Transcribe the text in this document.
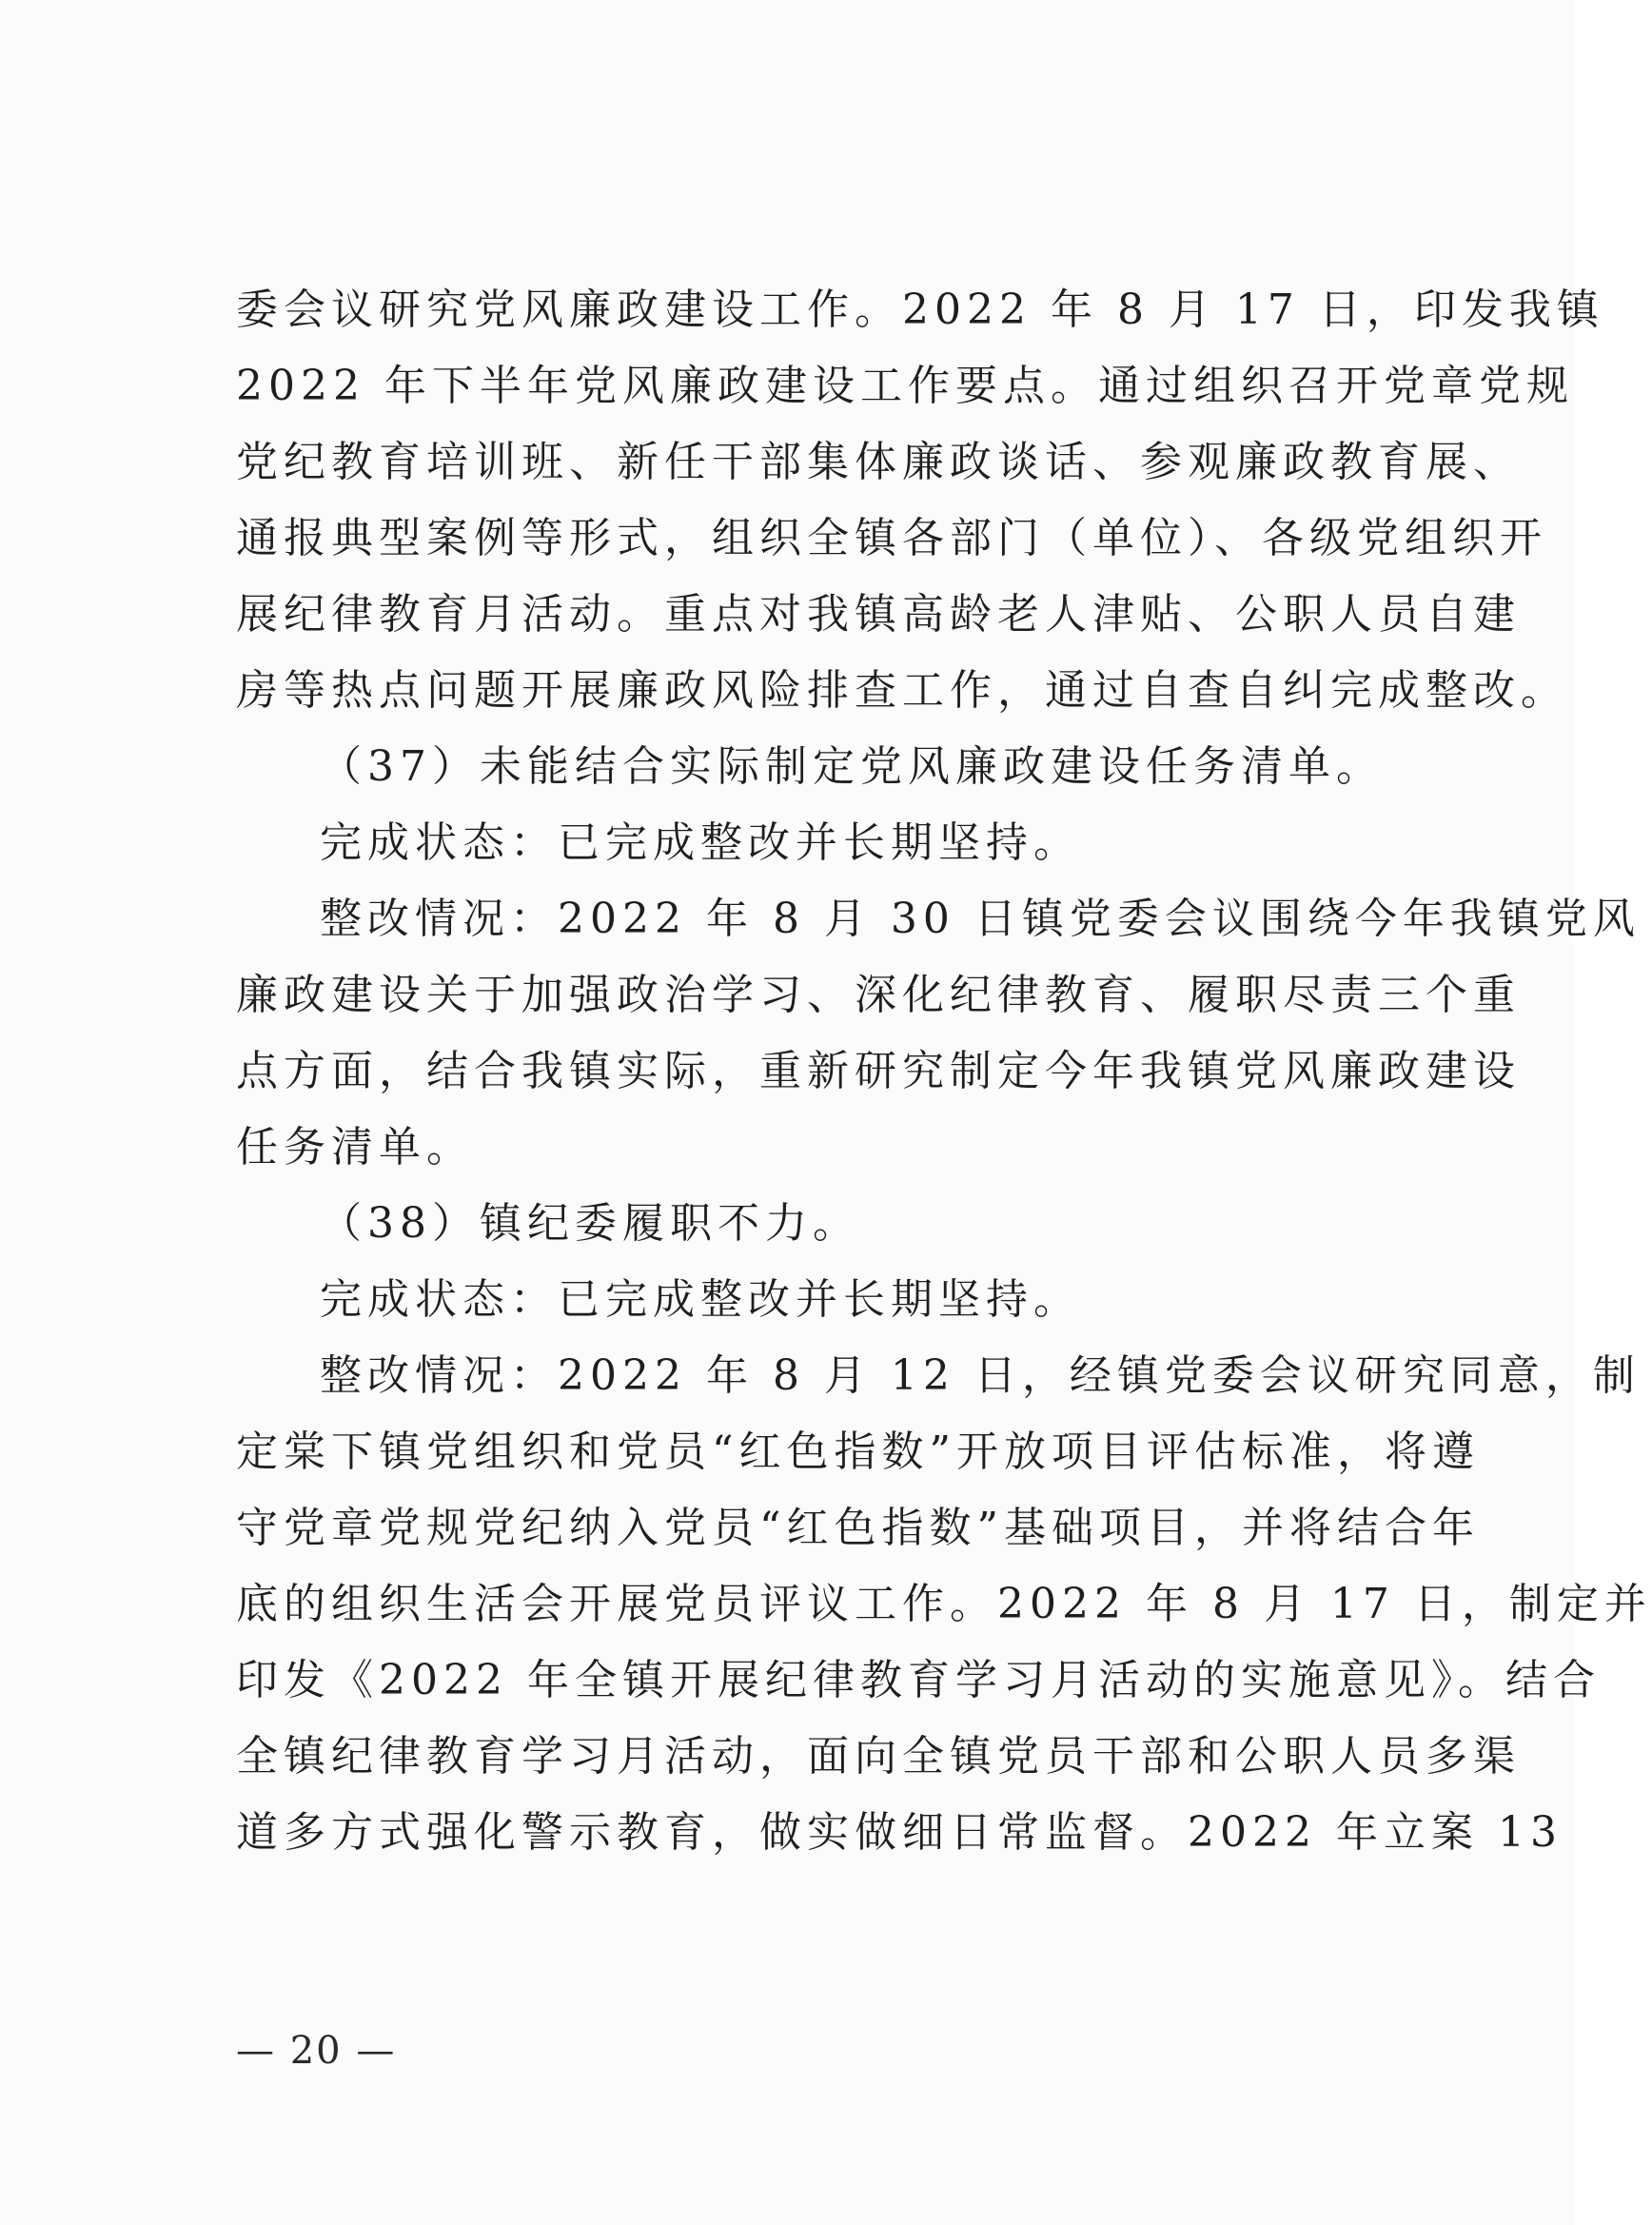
委会议研究党风廉政建设工作。2022 年 8 月 17 日，印发我镇
2022 年下半年党风廉政建设工作要点。通过组织召开党章党规
党纪教育培训班、新任干部集体廉政谈话、参观廉政教育展、
通报典型案例等形式，组织全镇各部门（单位）、各级党组织开
展纪律教育月活动。重点对我镇高龄老人津贴、公职人员自建
房等热点问题开展廉政风险排查工作，通过自查自纠完成整改。
（37）未能结合实际制定党风廉政建设任务清单。
完成状态：已完成整改并长期坚持。
整改情况：2022 年 8 月 30 日镇党委会议围绕今年我镇党风
廉政建设关于加强政治学习、深化纪律教育、履职尽责三个重
点方面，结合我镇实际，重新研究制定今年我镇党风廉政建设
任务清单。
（38）镇纪委履职不力。
完成状态：已完成整改并长期坚持。
整改情况：2022 年 8 月 12 日，经镇党委会议研究同意，制
定棠下镇党组织和党员“红色指数”开放项目评估标准，将遵
守党章党规党纪纳入党员“红色指数”基础项目，并将结合年
底的组织生活会开展党员评议工作。2022 年 8 月 17 日，制定并
印发《2022 年全镇开展纪律教育学习月活动的实施意见》。结合
全镇纪律教育学习月活动，面向全镇党员干部和公职人员多渠
道多方式强化警示教育，做实做细日常监督。2022 年立案 13
— 20 —
